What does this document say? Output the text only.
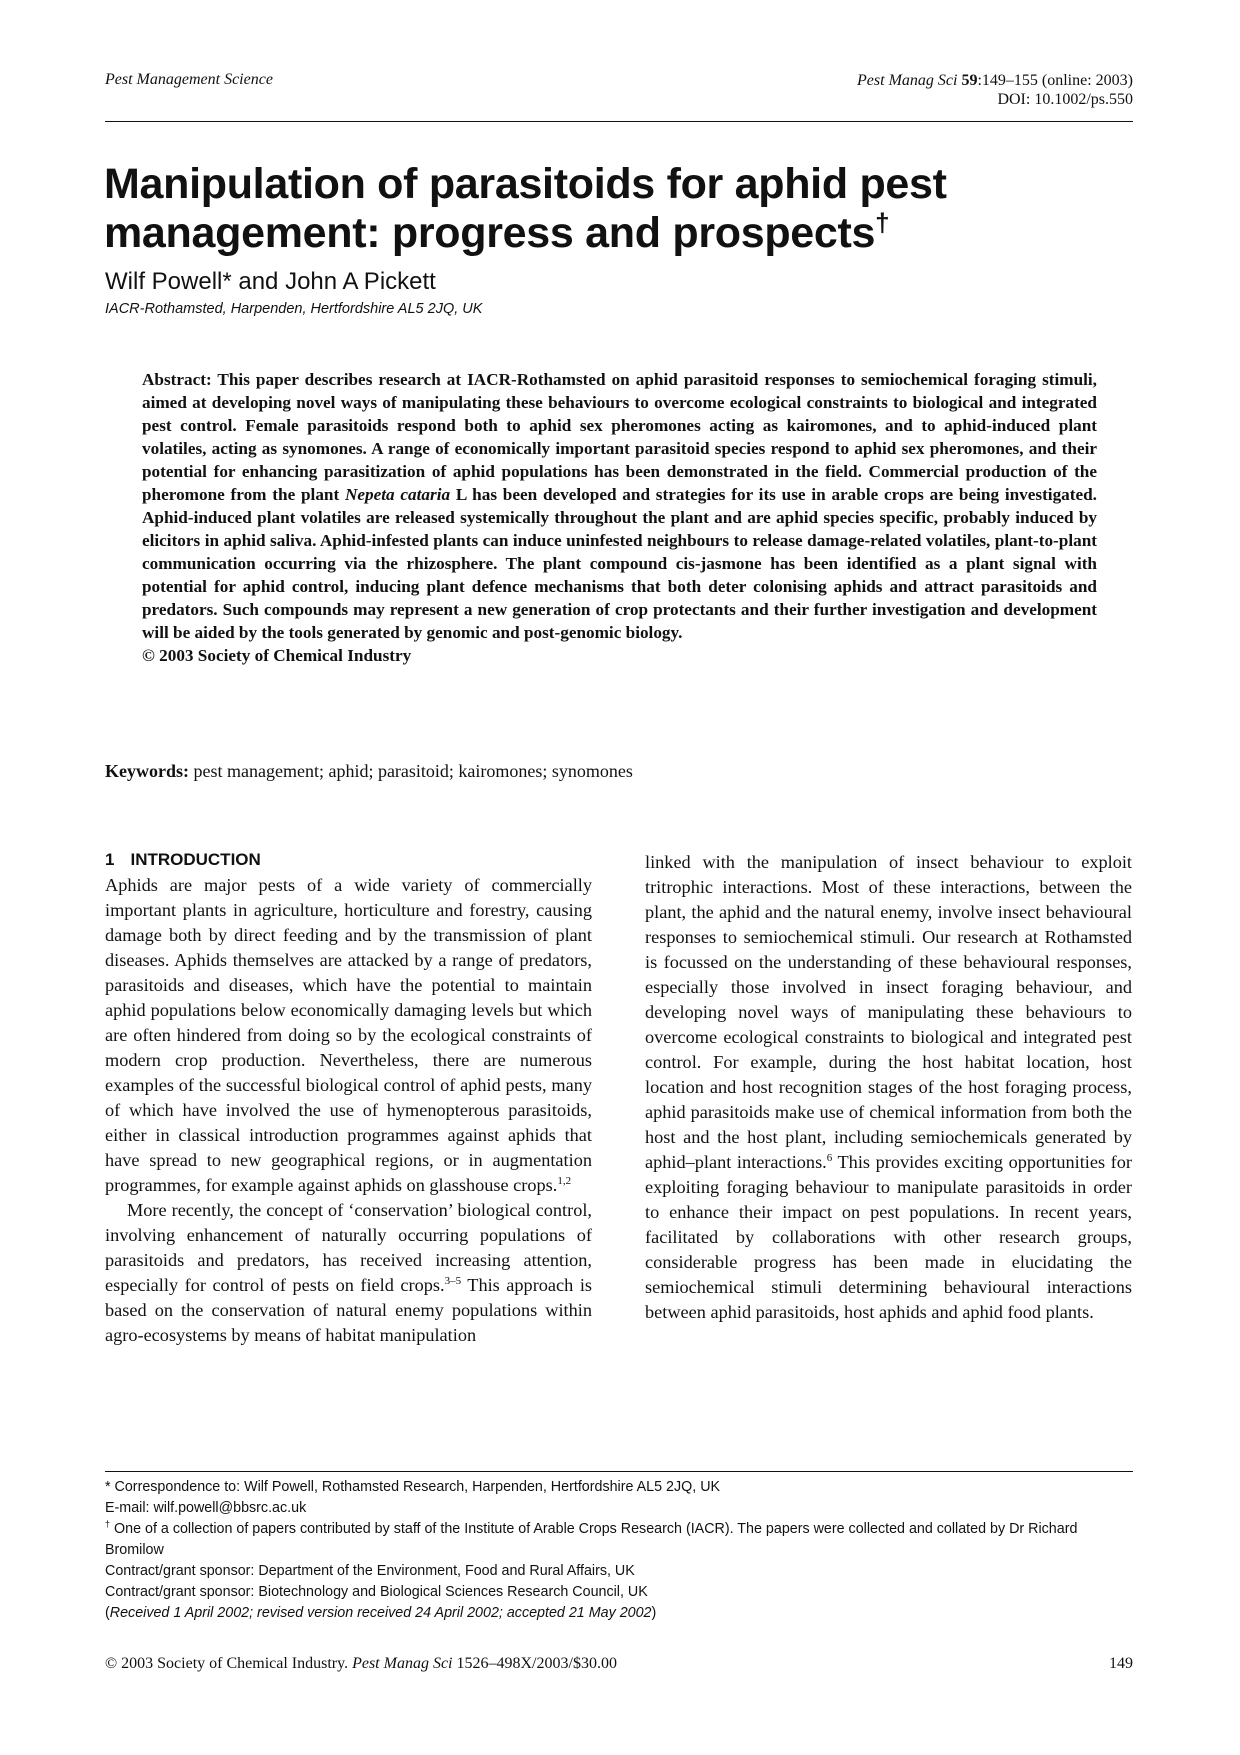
Pest Management Science	Pest Manag Sci 59:149–155 (online: 2003)
DOI: 10.1002/ps.550
Manipulation of parasitoids for aphid pest management: progress and prospects†
Wilf Powell* and John A Pickett
IACR-Rothamsted, Harpenden, Hertfordshire AL5 2JQ, UK

Abstract: This paper describes research at IACR-Rothamsted on aphid parasitoid responses to semiochemical foraging stimuli, aimed at developing novel ways of manipulating these behaviours to overcome ecological constraints to biological and integrated pest control. Female parasitoids respond both to aphid sex pheromones acting as kairomones, and to aphid-induced plant volatiles, acting as synomones. A range of economically important parasitoid species respond to aphid sex pheromones, and their potential for enhancing parasitization of aphid populations has been demonstrated in the field. Commercial production of the pheromone from the plant Nepeta cataria L has been developed and strategies for its use in arable crops are being investigated. Aphid-induced plant volatiles are released systemically throughout the plant and are aphid species specific, probably induced by elicitors in aphid saliva. Aphid-infested plants can induce uninfested neighbours to release damage-related volatiles, plant-to-plant communication occurring via the rhizosphere. The plant compound cis-jasmone has been identified as a plant signal with potential for aphid control, inducing plant defence mechanisms that both deter colonising aphids and attract parasitoids and predators. Such compounds may represent a new generation of crop protectants and their further investigation and development will be aided by the tools generated by genomic and post-genomic biology.

© 2003 Society of Chemical Industry

Keywords: pest management; aphid; parasitoid; kairomones; synomones
1 INTRODUCTION

Aphids are major pests of a wide variety of commercially important plants in agriculture, horticulture and forestry, causing damage both by direct feeding and by the transmission of plant diseases. Aphids themselves are attacked by a range of predators, parasitoids and diseases, which have the potential to maintain aphid populations below economically damaging levels but which are often hindered from doing so by the ecological constraints of modern crop production. Nevertheless, there are numerous examples of the successful biological control of aphid pests, many of which have involved the use of hymenopterous parasitoids, either in classical introduction programmes against aphids that have spread to new geographical regions, or in augmentation programmes, for example against aphids on glasshouse crops.$^{1,2}$

More recently, the concept of ‘conservation’ biological control, involving enhancement of naturally occurring populations of parasitoids and predators, has received increasing attention, especially for control of pests on field crops.$^{3-5}$ This approach is based on the conservation of natural enemy populations within agro-ecosystems by means of habitat manipulation

linked with the manipulation of insect behaviour to exploit tritrophic interactions. Most of these interactions, between the plant, the aphid and the natural enemy, involve insect behavioural responses to semiochemical stimuli. Our research at Rothamsted is focussed on the understanding of these behavioural responses, especially those involved in insect foraging behaviour, and developing novel ways of manipulating these behaviours to overcome ecological constraints to biological and integrated pest control. For example, during the host habitat location, host location and host recognition stages of the host foraging process, aphid parasitoids make use of chemical information from both the host and the host plant, including semiochemicals generated by aphid–plant interactions.$^6$ This provides exciting opportunities for exploiting foraging behaviour to manipulate parasitoids in order to enhance their impact on pest populations. In recent years, facilitated by collaborations with other research groups, considerable progress has been made in elucidating the semiochemical stimuli determining behavioural interactions between aphid parasitoids, host aphids and aphid food plants.

* Correspondence to: Wilf Powell, Rothamsted Research, Harpenden, Hertfordshire AL5 2JQ, UK

E-mail: wilf.powell@bbsrc.ac.uk

† One of a collection of papers contributed by staff of the Institute of Arable Crops Research (IACR). The papers were collected and collated by Dr Richard Bromilow

Contract/grant sponsor: Department of the Environment, Food and Rural Affairs, UK

Contract/grant sponsor: Biotechnology and Biological Sciences Research Council, UK

(Received 1 April 2002; revised version received 24 April 2002; accepted 21 May 2002)

© 2003 Society of Chemical Industry. Pest Manag Sci 1526–498X/2003/$30.00	149
